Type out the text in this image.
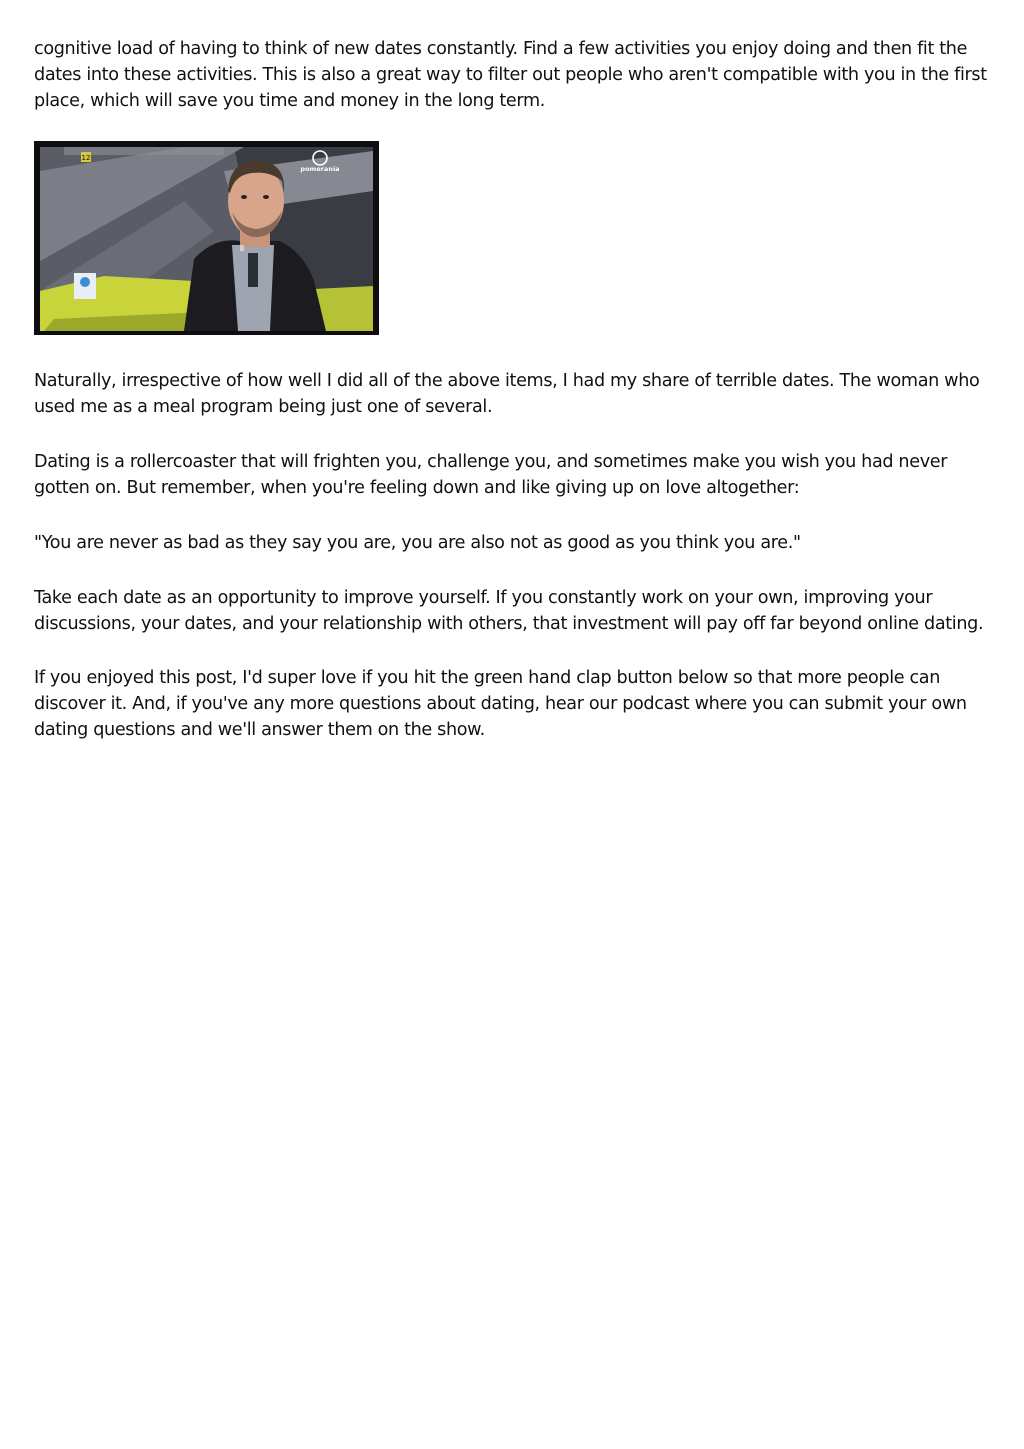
cognitive load of having to think of new dates constantly. Find a few activities you enjoy doing and then fit the dates into these activities. This is also a great way to filter out people who aren't compatible with you in the first place, which will save you time and money in the long term.

12
pomerania

Naturally, irrespective of how well I did all of the above items, I had my share of terrible dates. The woman who used me as a meal program being just one of several.

Dating is a rollercoaster that will frighten you, challenge you, and sometimes make you wish you had never gotten on. But remember, when you're feeling down and like giving up on love altogether:

"You are never as bad as they say you are, you are also not as good as you think you are."

Take each date as an opportunity to improve yourself. If you constantly work on your own, improving your discussions, your dates, and your relationship with others, that investment will pay off far beyond online dating.

If you enjoyed this post, I'd super love if you hit the green hand clap button below so that more people can discover it. And, if you've any more questions about dating, hear our podcast where you can submit your own dating questions and we'll answer them on the show.
